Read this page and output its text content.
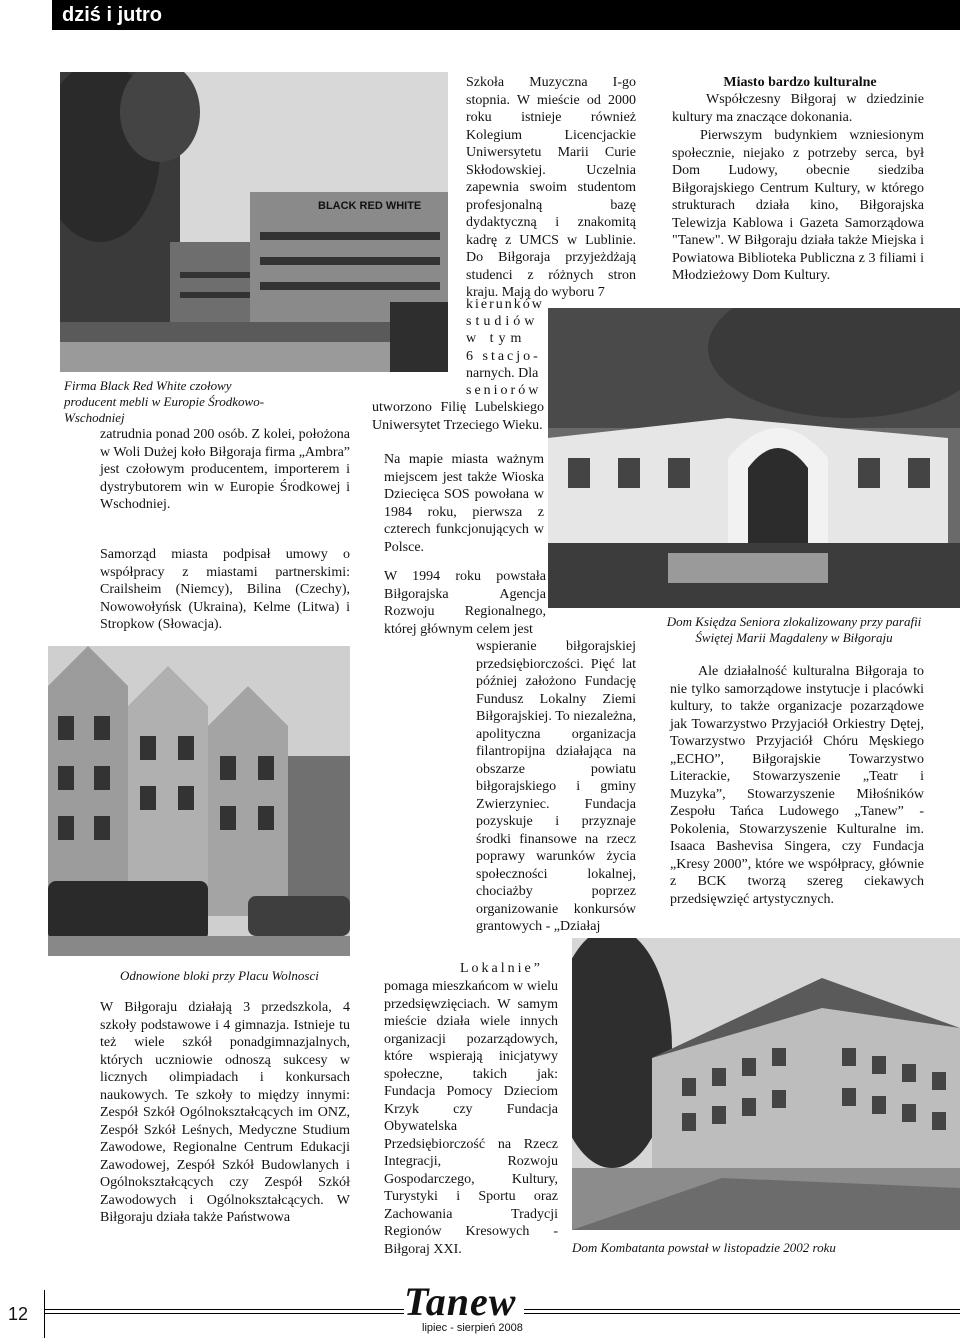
dziś i jutro
BLACK RED WHITE
Firma Black Red White czołowy producent mebli w Europie Środkowo-Wschodniej
zatrudnia ponad 200 osób. Z kolei, położona w Woli Dużej koło Biłgoraja firma „Ambra” jest czołowym producentem, importerem i dystrybutorem win w Europie Środkowej i Wschodniej.
Samorząd miasta podpisał umowy o współpracy z miastami partnerskimi: Crailsheim (Niemcy), Bilina (Czechy), Nowowołyńsk (Ukraina), Kelme (Litwa) i Stropkow (Słowacja).
Odnowione bloki przy Placu Wolnosci
W Biłgoraju działają 3 przedszkola, 4 szkoły podstawowe i 4 gimnazja. Istnieje tu też wiele szkół ponadgimnazjalnych, których uczniowie odnoszą sukcesy w licznych olimpiadach i konkursach naukowych. Te szkoły to między innymi: Zespół Szkół Ogólnokształcących im ONZ, Zespół Szkół Leśnych, Medyczne Studium Zawodowe, Regionalne Centrum Edukacji Zawodowej, Zespół Szkół Budowlanych i Ogólnokształcących czy Zespół Szkół Zawodowych i Ogólnokształcących. W Biłgoraju działa także Państwowa
Szkoła Muzyczna I-go stopnia. W mieście od 2000 roku istnieje również Kolegium Licencjackie Uniwersytetu Marii Curie Skłodowskiej. Uczelnia zapewnia swoim studentom profesjonalną bazę dydaktyczną i znakomitą kadrę z UMCS w Lublinie. Do Biłgoraja przyjeżdżają studenci z różnych stron kraju. Mają do wyboru 7
kierunków
studiów
w tym
6 stacjo-
narnych. Dla
seniorów
utworzono Filię Lubelskiego Uniwersytet Trzeciego Wieku.
Na mapie miasta ważnym miejscem jest także Wioska Dziecięca SOS powołana w 1984 roku, pierwsza z czterech funkcjonujących w Polsce.
W 1994 roku powstała Biłgorajska Agencja Rozwoju Regionalnego, której głównym celem jest
wspieranie biłgorajskiej przedsiębiorczości. Pięć lat później założono Fundację Fundusz Lokalny Ziemi Biłgorajskiej. To niezależna, apolityczna organizacja filantropijna działająca na obszarze powiatu biłgorajskiego i gminy Zwierzyniec. Fundacja pozyskuje i przyznaje środki finansowe na rzecz poprawy warunków życia społeczności lokalnej, chociażby poprzez organizowanie konkursów grantowych - „Działaj
Lokalnie”
pomaga mieszkańcom w wielu przedsięwzięciach. W samym mieście działa wiele innych organizacji pozarządowych, które wspierają inicjatywy społeczne, takich jak: Fundacja Pomocy Dzieciom Krzyk czy Fundacja Obywatelska Przedsiębiorczość na Rzecz Integracji, Rozwoju Gospodarczego, Kultury, Turystyki i Sportu oraz Zachowania Tradycji Regionów Kresowych - Biłgoraj XXI.
Dom Księdza Seniora zlokalizowany przy parafii Świętej Marii Magdaleny w Biłgoraju
Miasto bardzo kulturalne
Współczesny Biłgoraj w dziedzinie kultury ma znaczące dokonania.
Pierwszym budynkiem wzniesionym społecznie, niejako z potrzeby serca, był Dom Ludowy, obecnie siedziba Biłgorajskiego Centrum Kultury, w którego strukturach działa kino, Biłgorajska Telewizja Kablowa i Gazeta Samorządowa "Tanew". W Biłgoraju działa także Miejska i Powiatowa Biblioteka Publiczna z 3 filiami i Młodzieżowy Dom Kultury.
Ale działalność kulturalna Biłgoraja to nie tylko samorządowe instytucje i placówki kultury, to także organizacje pozarządowe jak Towarzystwo Przyjaciół Orkiestry Dętej, Towarzystwo Przyjaciół Chóru Męskiego „ECHO”, Biłgorajskie Towarzystwo Literackie, Stowarzyszenie „Teatr i Muzyka”, Stowarzyszenie Miłośników Zespołu Tańca Ludowego „Tanew” - Pokolenia, Stowarzyszenie Kulturalne im. Isaaca Bashevisa Singera, czy Fundacja „Kresy 2000”, które we współpracy, głównie z BCK tworzą szereg ciekawych przedsięwzięć artystycznych.
Dom Kombatanta powstał w listopadzie 2002 roku
12	Tanew
lipiec - sierpień 2008
